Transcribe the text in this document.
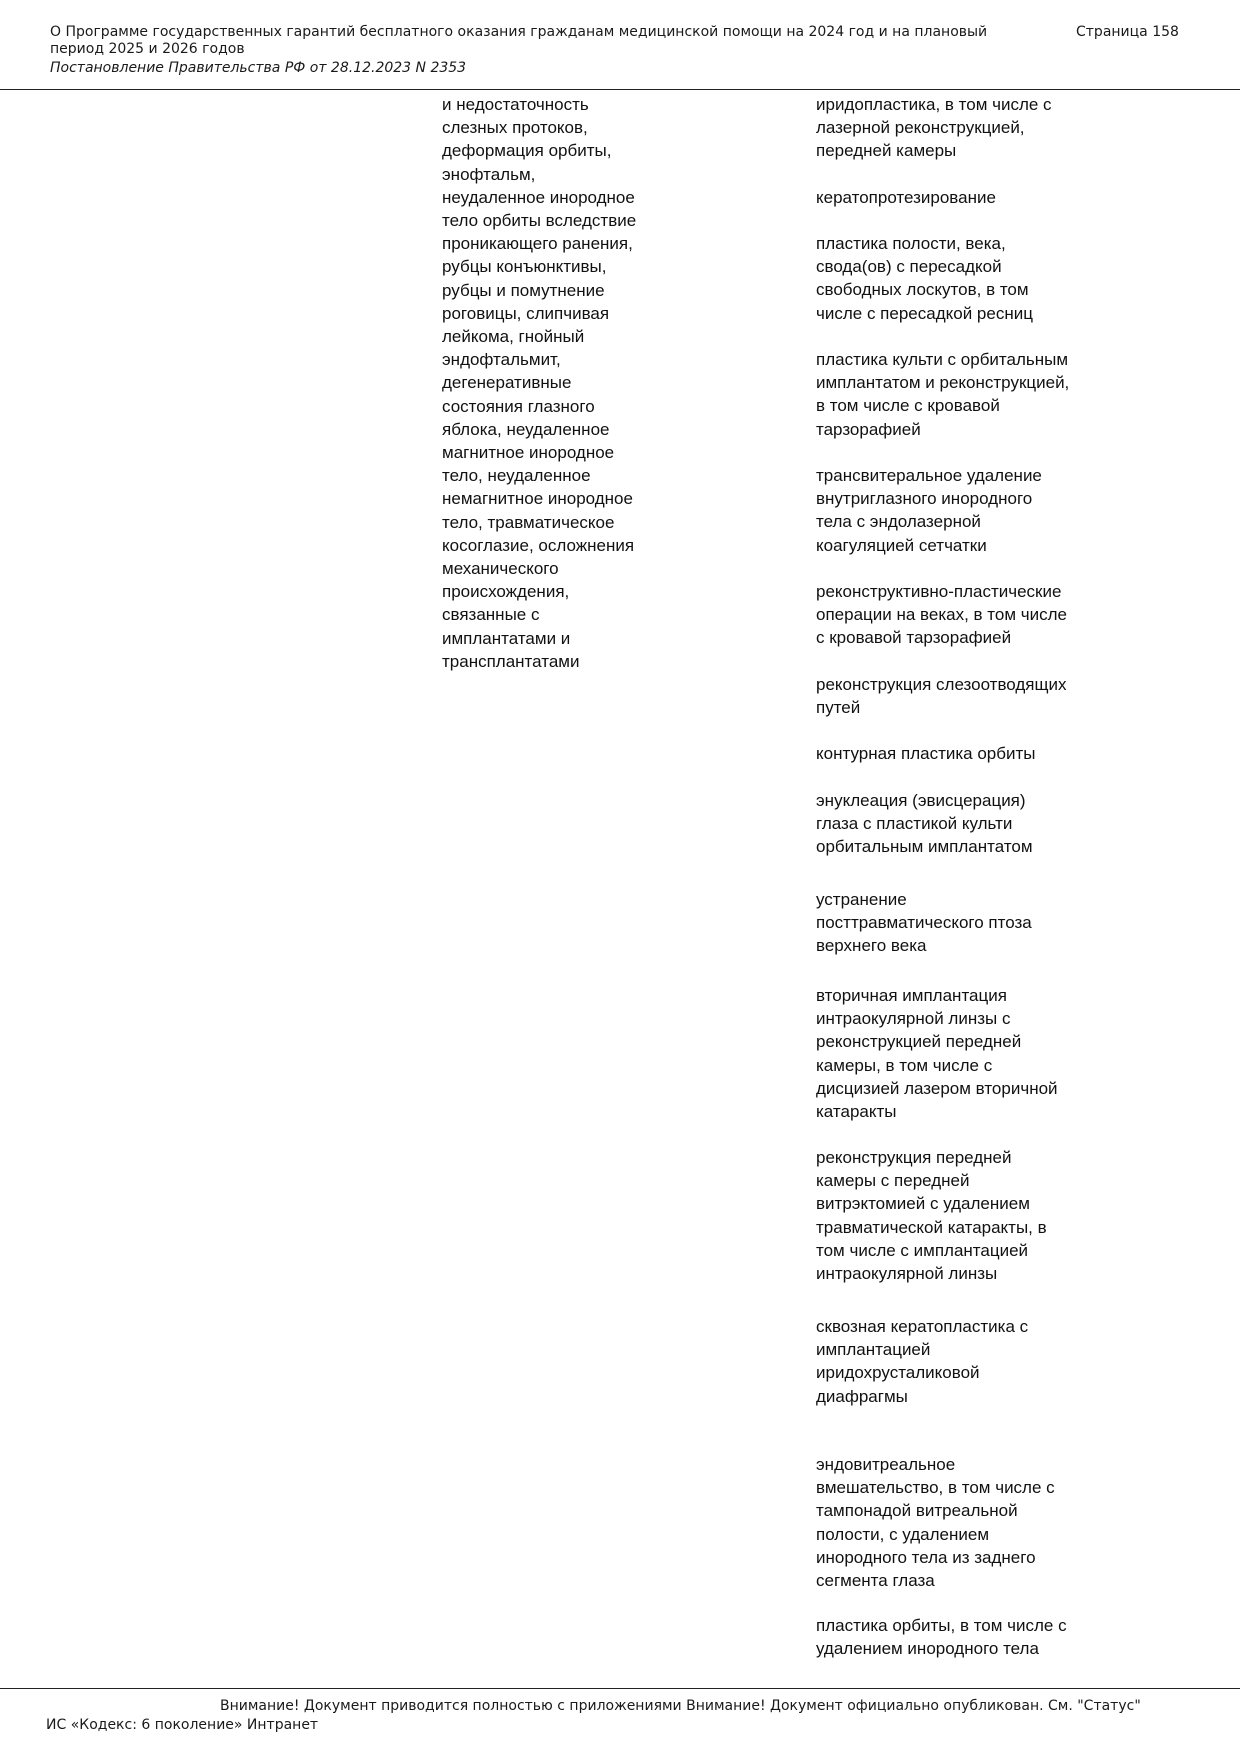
О Программе государственных гарантий бесплатного оказания гражданам медицинской помощи на 2024 год и на плановый
период 2025 и 2026 годов
Страница 158
Постановление Правительства РФ от 28.12.2023 N 2353
и недостаточность
слезных протоков,
деформация орбиты,
энофтальм,
неудаленное инородное
тело орбиты вследствие
проникающего ранения,
рубцы конъюнктивы,
рубцы и помутнение
роговицы, слипчивая
лейкома, гнойный
эндофтальмит,
дегенеративные
состояния глазного
яблока, неудаленное
магнитное инородное
тело, неудаленное
немагнитное инородное
тело, травматическое
косоглазие, осложнения
механического
происхождения,
связанные с
имплантатами и
трансплантатами
иридопластика, в том числе с
лазерной реконструкцией,
передней камеры
кератопротезирование
пластика полости, века,
свода(ов) с пересадкой
свободных лоскутов, в том
числе с пересадкой ресниц
пластика культи с орбитальным
имплантатом и реконструкцией,
в том числе с кровавой
тарзорафией
трансвитеральное удаление
внутриглазного инородного
тела с эндолазерной
коагуляцией сетчатки
реконструктивно-пластические
операции на веках, в том числе
с кровавой тарзорафией
реконструкция слезоотводящих
путей
контурная пластика орбиты
энуклеация (эвисцерация)
глаза с пластикой культи
орбитальным имплантатом
устранение
посттравматического птоза
верхнего века
вторичная имплантация
интраокулярной линзы с
реконструкцией передней
камеры, в том числе с
дисцизией лазером вторичной
катаракты
реконструкция передней
камеры с передней
витрэктомией с удалением
травматической катаракты, в
том числе с имплантацией
интраокулярной линзы
сквозная кератопластика с
имплантацией
иридохрусталиковой
диафрагмы
эндовитреальное
вмешательство, в том числе с
тампонадой витреальной
полости, с удалением
инородного тела из заднего
сегмента глаза
пластика орбиты, в том числе с
удалением инородного тела
Внимание! Документ приводится полностью с приложениями Внимание! Документ официально опубликован. См. "Статус"
ИС «Кодекс: 6 поколение» Интранет
